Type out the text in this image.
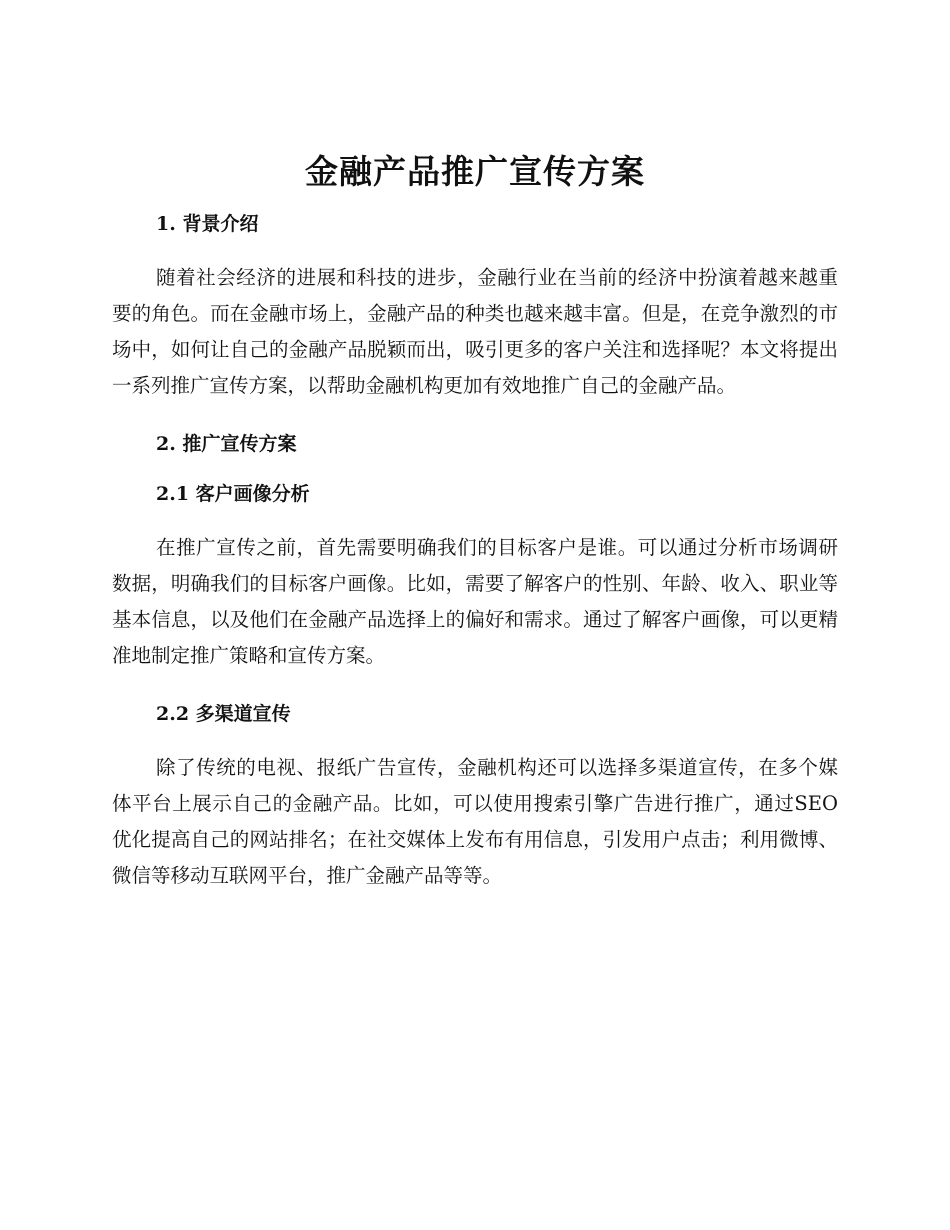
金融产品推广宣传方案
1. 背景介绍

随着社会经济的进展和科技的进步，金融行业在当前的经济中扮演着越来越重要的角色。而在金融市场上，金融产品的种类也越来越丰富。但是，在竞争激烈的市场中，如何让自己的金融产品脱颖而出，吸引更多的客户关注和选择呢？本文将提出一系列推广宣传方案，以帮助金融机构更加有效地推广自己的金融产品。

2. 推广宣传方案
2.1 客户画像分析

在推广宣传之前，首先需要明确我们的目标客户是谁。可以通过分析市场调研数据，明确我们的目标客户画像。比如，需要了解客户的性别、年龄、收入、职业等基本信息，以及他们在金融产品选择上的偏好和需求。通过了解客户画像，可以更精准地制定推广策略和宣传方案。

2.2 多渠道宣传

除了传统的电视、报纸广告宣传，金融机构还可以选择多渠道宣传，在多个媒体平台上展示自己的金融产品。比如，可以使用搜索引擎广告进行推广，通过SEO优化提高自己的网站排名；在社交媒体上发布有用信息，引发用户点击；利用微博、微信等移动互联网平台，推广金融产品等等。
